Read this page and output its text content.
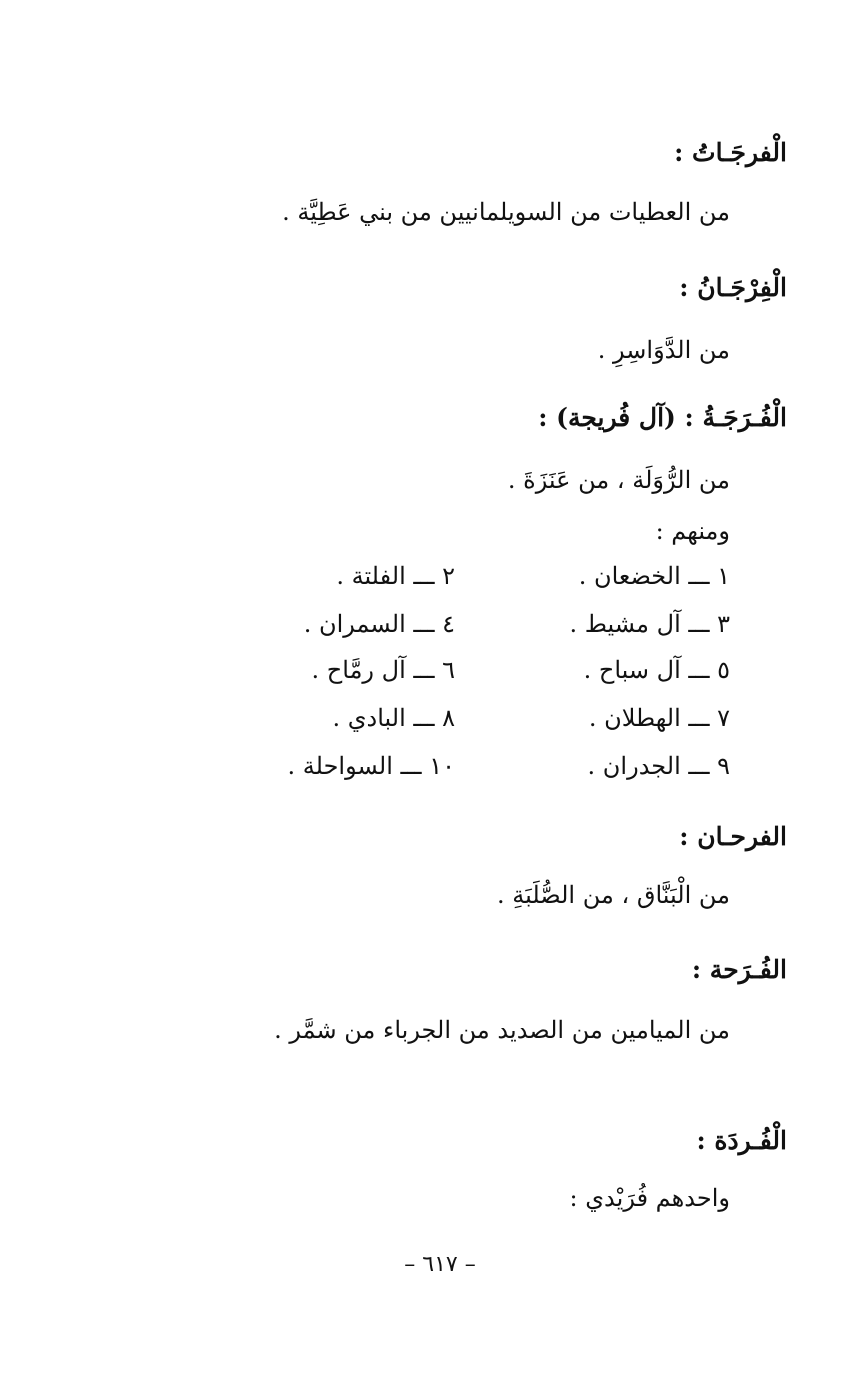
الْفرجَـاتُ :
من العطيات من السويلمانيين من بني عَطِيَّة .
الْفِرْجَـانُ :
من الدَّوَاسِرِ .
الْفُـرَجَـةُ : (آل فُريجة) :
من الرُّوَلَة ، من عَنَزَةَ .
ومنهم :
١ ـــ الخضعان .
٢ ـــ الفلتة .
٣ ـــ آل مشيط .
٤ ـــ السمران .
٥ ـــ آل سباح .
٦ ـــ آل رمَّاح .
٧ ـــ الهطلان .
٨ ـــ البادي .
٩ ـــ الجدران .
١٠ ـــ السواحلة .
الفرحـان :
من الْبَنَّاق ، من الصُّلَبَةِ .
الفُـرَحة :
من الميامين من الصديد من الجرباء من شمَّر .
الْفُـردَة :
واحدهم فُرَيْدي :
– ٦١٧ –
